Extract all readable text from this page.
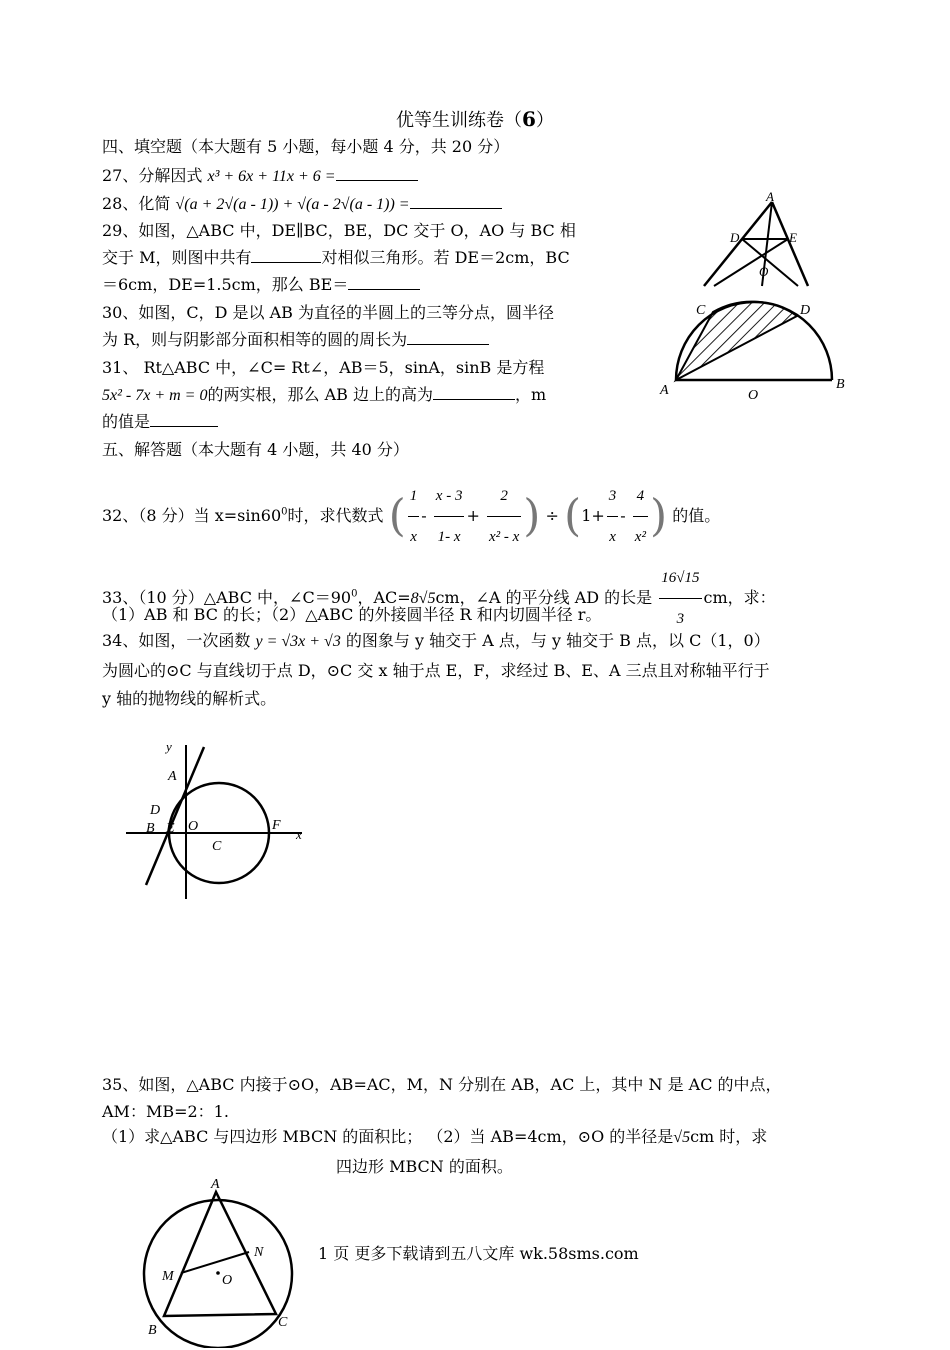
优等生训练卷（6）
四、填空题（本大题有 5 小题，每小题 4 分，共 20 分）
27、分解因式 x³ + 6x + 11x + 6 =
28、化简 √(a + 2√(a - 1)) + √(a - 2√(a - 1)) =
29、如图，△ABC 中，DE∥BC，BE，DC 交于 O，AO 与 BC 相
交于 M，则图中共有	对相似三角形。若 DE＝2cm，BC
＝6cm，DE=1.5cm，那么 BE＝
30、如图，C，D 是以 AB 为直径的半圆上的三等分点，圆半径
为 R，则与阴影部分面积相等的圆的周长为
31、 Rt△ABC 中，∠C= Rt∠，AB＝5，sinA，sinB 是方程
5x² - 7x + m = 0的两实根，那么 AB 边上的高为	，m
的值是
五、解答题（本大题有 4 小题，共 40 分）
32、（8 分）当 $x=\sin 60^0$时，求代数式 ( $\frac{1}{x} - \frac{x - 3}{1- x} + \frac{2}{\text{x² - x}}$ ) ÷ ($1+ \frac{3}{x} - \frac{4}{\text{x²}}$ ) 的值。
33、（10 分）△ABC 中，$\angle C=90^0$，AC=8√5cm，∠A 的平分线 AD 的长是 $\frac{16√15}{3}$ cm，求：
（1）AB 和 BC 的长；（2）△ABC 的外接圆半径 R 和内切圆半径 r。
34、如图，一次函数 y = √3x + √3 的图象与 y 轴交于 A 点，与 y 轴交于 B 点，以 C（1，0）
为圆心的⊙C 与直线切于点 D，⊙C 交 x 轴于点 E，F，求经过 B、E、A 三点且对称轴平行于
y 轴的抛物线的解析式。
35、如图，△ABC 内接于⊙O，AB=AC，M，N 分别在 AB，AC 上，其中 N 是 AC 的中点，
AM：MB=2：1.
（1）求△ABC 与四边形 MBCN 的面积比； （2）当 AB=4cm，⊙O 的半径是√5cm 时，求
四边形 MBCN 的面积。
A
D	E
O
C	D
A	O
B
y
A
D
B E O	F
x
C
A
N
M	O
B
C
1 页 更多下载请到五八文库 wk.58sms.com
